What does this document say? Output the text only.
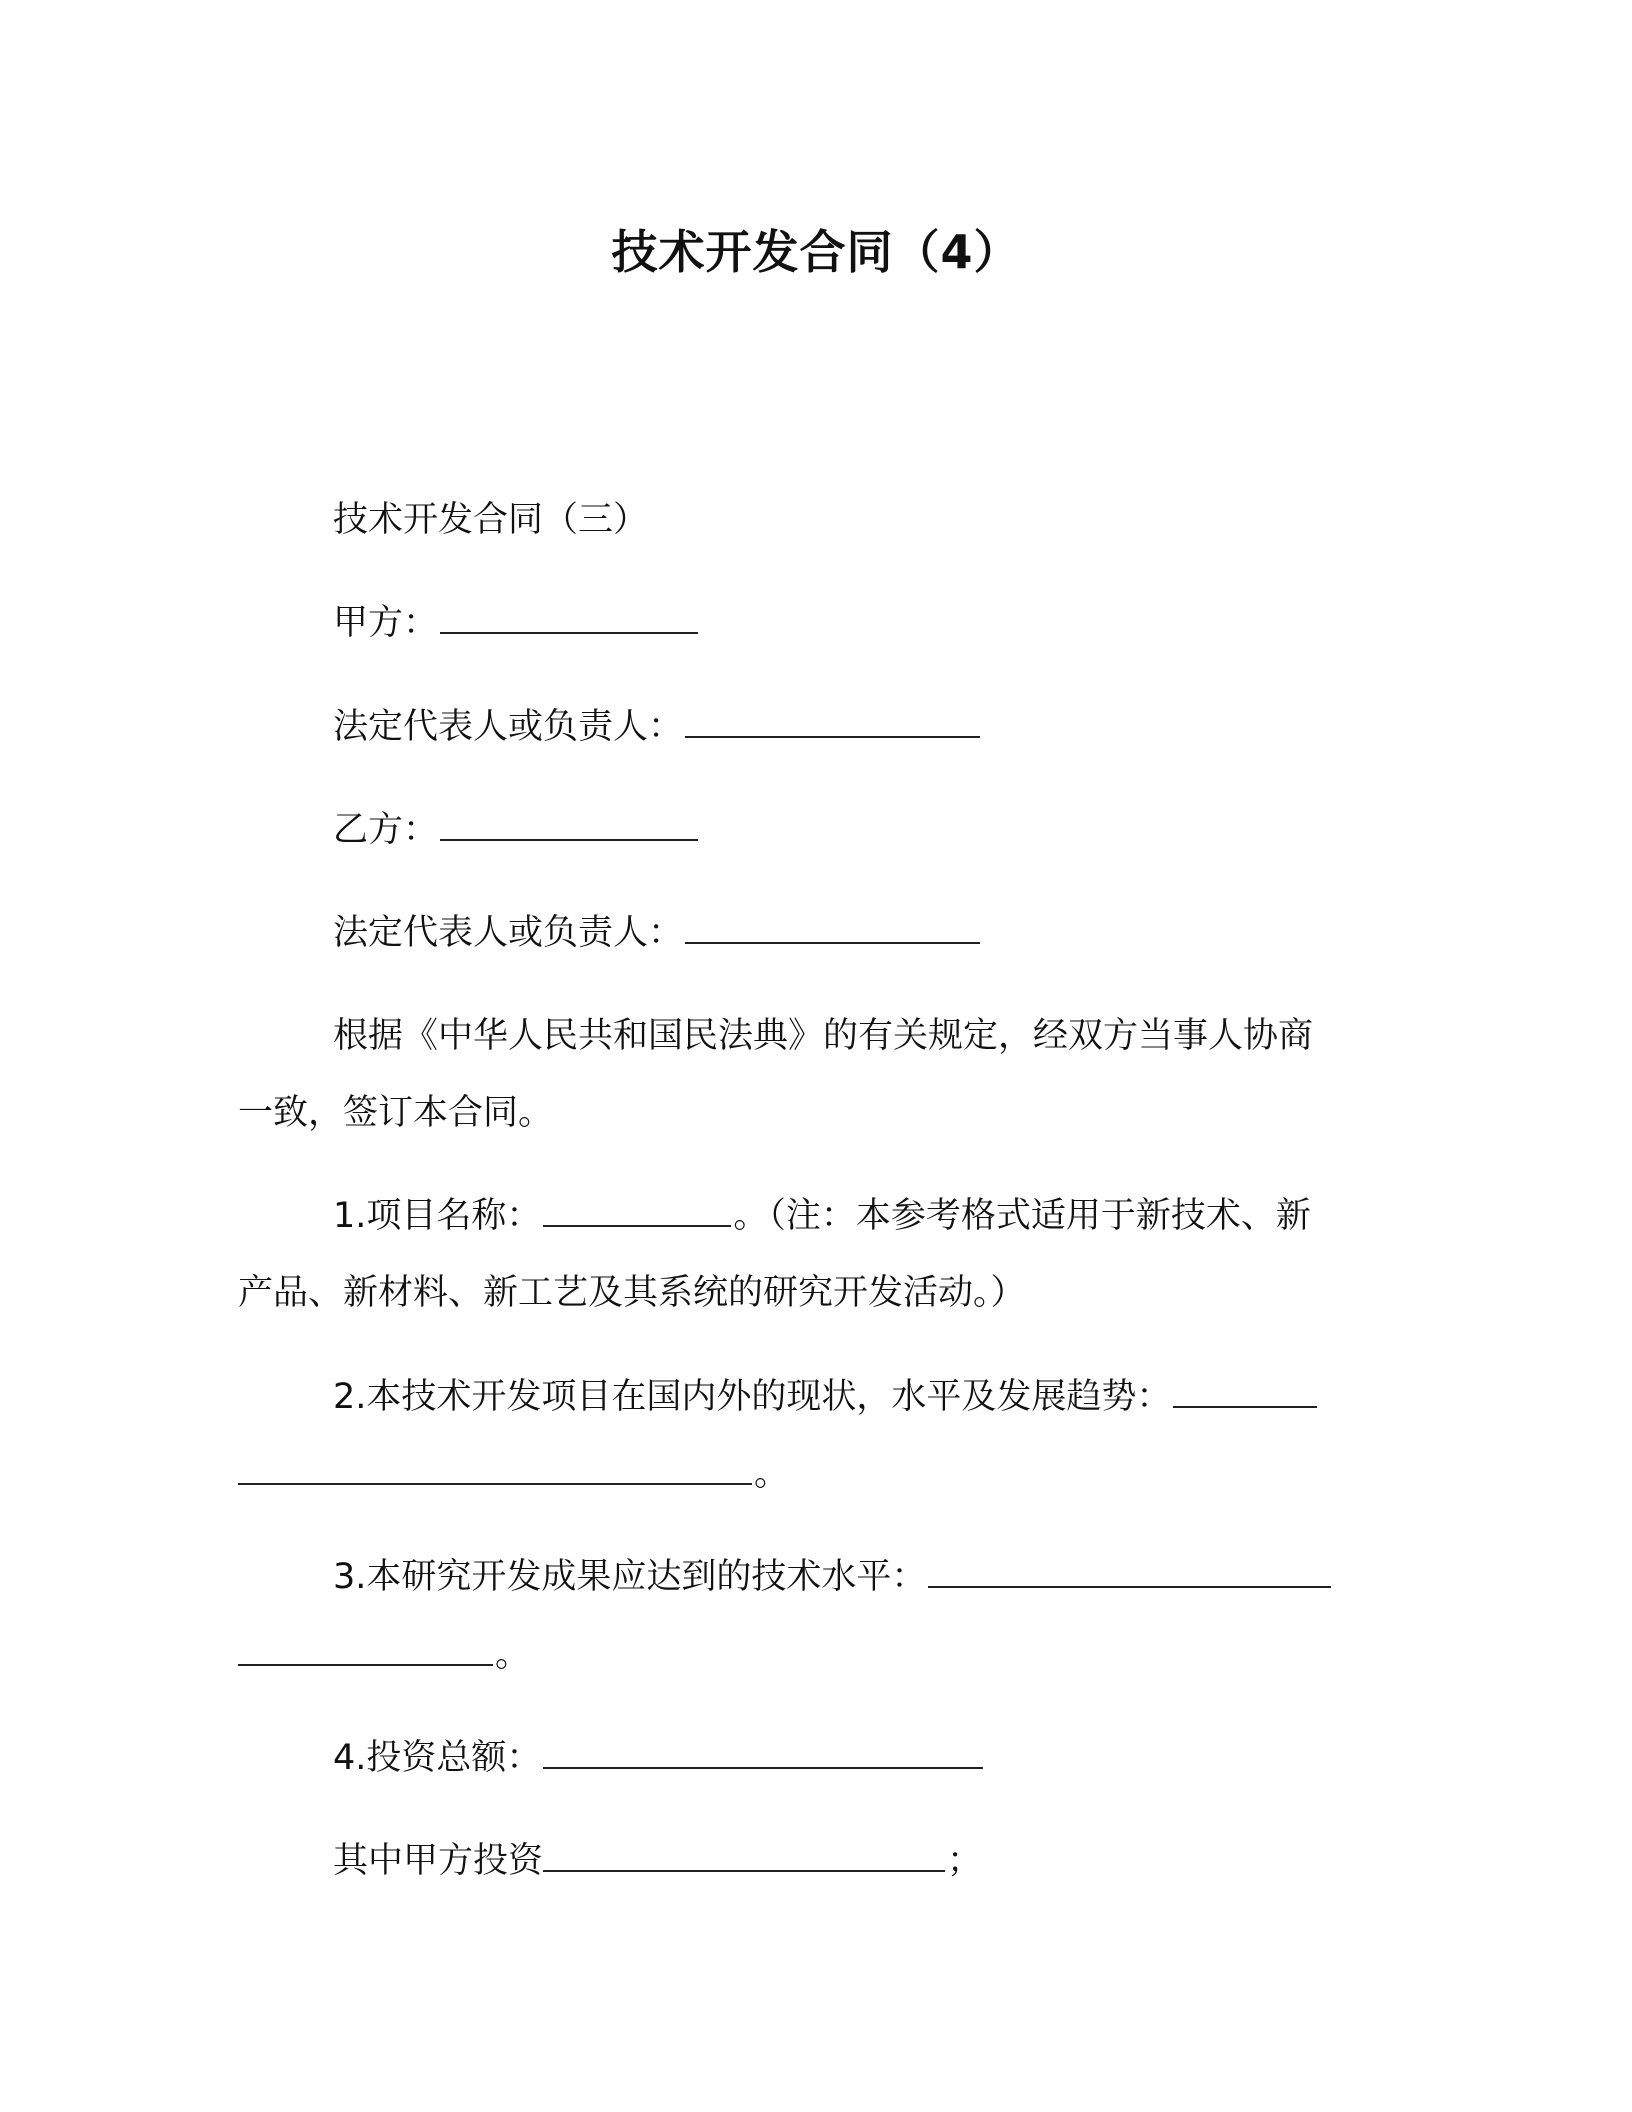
技术开发合同（4）
技术开发合同（三）
甲方：
法定代表人或负责人：
乙方：
法定代表人或负责人：
根据《中华人民共和国民法典》的有关规定，经双方当事人协商
一致，签订本合同。
1.项目名称：	。（注：本参考格式适用于新技术、新
产品、新材料、新工艺及其系统的研究开发活动。）
2.本技术开发项目在国内外的现状，水平及发展趋势：
。
3.本研究开发成果应达到的技术水平：
。
4.投资总额：
其中甲方投资	；
